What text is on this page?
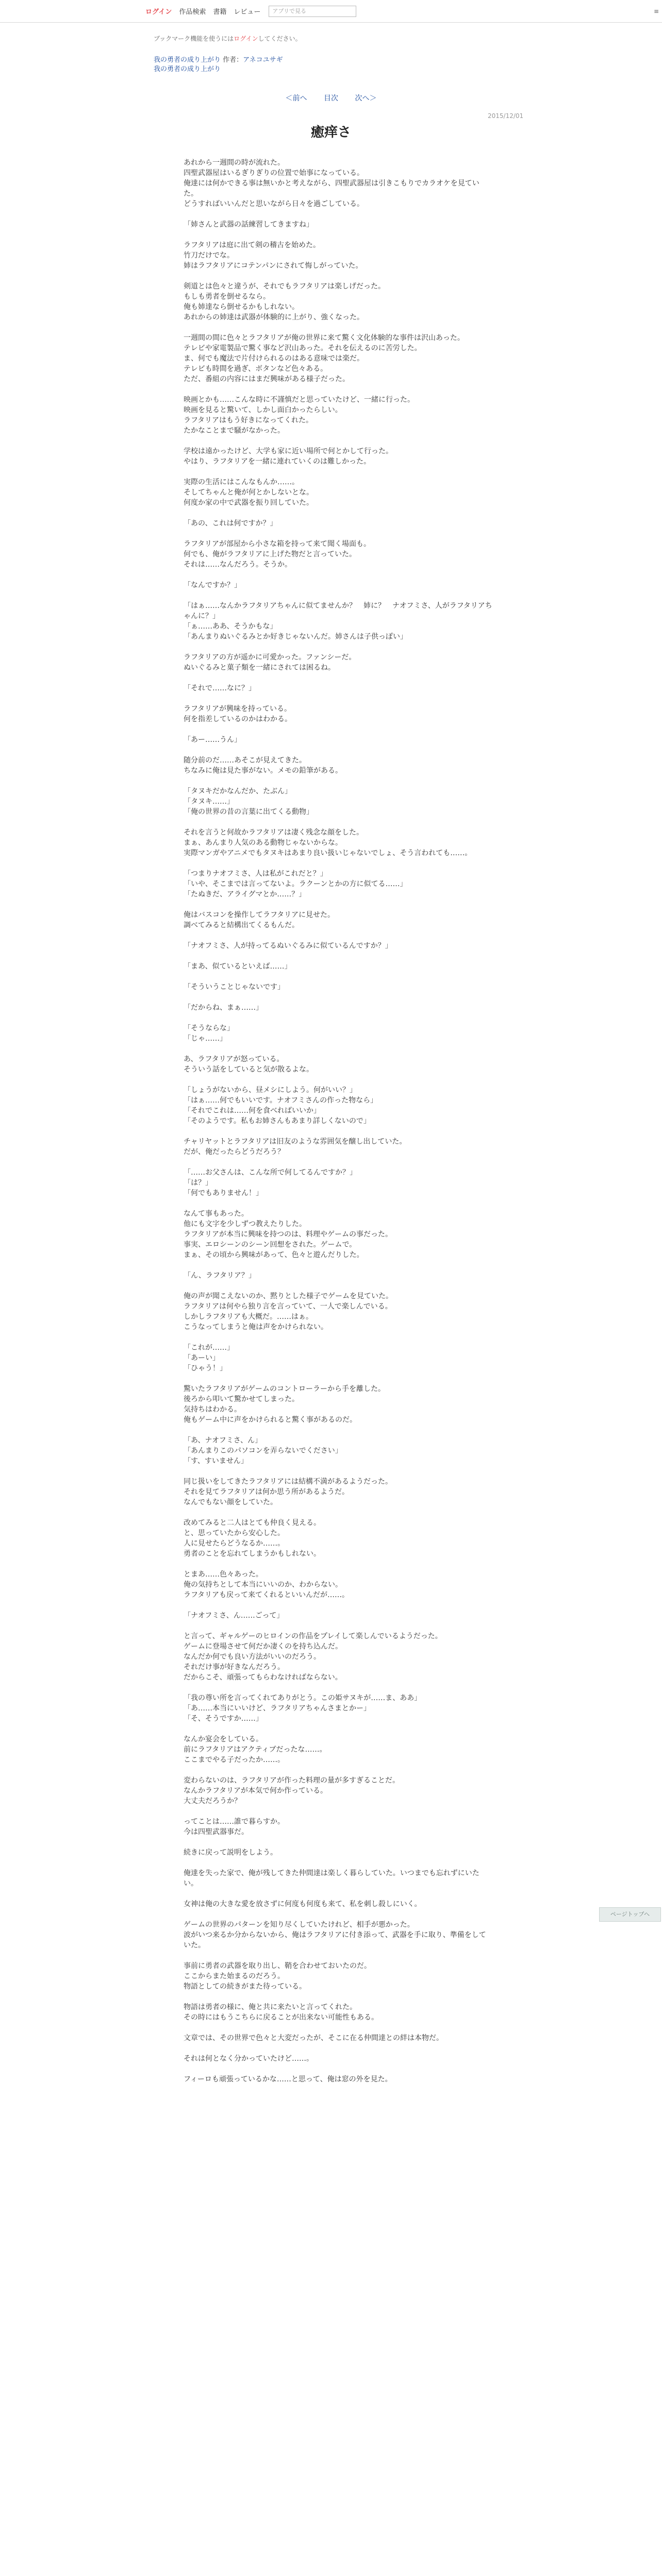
ログイン 作品検索 書籍 レビュー	アプリで見る	≡
ブックマーク機能を使うにはログインしてください。
我の勇者の成り上がり 作者：アネコユサギ
我の勇者の成り上がり
＜前へ 目次 次へ＞
2015/12/01
癒痒さ

あれから一週間の時が流れた。

四聖武器屋はいるぎりぎりの位置で始事になっている。

俺達には何かできる事は無いかと考えながら、四聖武器屋は引きこもりでカラオケを見ていた。

どうすればいいんだと思いながら日々を過ごしている。

「姉さんと武器の話練習してきますね」

ラフタリアは庭に出て剣の稽古を始めた。

竹刀だけでな。

姉はラフタリアにコテンパンにされて悔しがっていた。

剣道とは色々と違うが、それでもラフタリアは楽しげだった。

もしも勇者を倒せるなら。

俺も姉達なら倒せるかもしれない。

あれからの姉達は武器が体験的に上がり、強くなった。

一週間の間に色々とラフタリアが俺の世界に来て驚く文化体験的な事件は沢山あった。

テレビや家電製品で驚く事など沢山あった。それを伝えるのに苦労した。

ま、何でも魔法で片付けられるのはある意味では楽だ。

テレビも時間を過ぎ、ボタンなど色々ある。

ただ、番組の内容にはまだ興味がある様子だった。

映画とかも……こんな時に不謹慎だと思っていたけど、一緒に行った。

映画を見ると驚いて、しかし面白かったらしい。

ラフタリアはもう好きになってくれた。

たかなことまで騒がなかった。

学校は遠かったけど、大学も家に近い場所で何とかして行った。

やはり、ラフタリアを一緒に連れていくのは難しかった。

実際の生活にはこんなもんか……。

そしてちゃんと俺が何とかしないとな。

何度か家の中で武器を振り回していた。

「あの、これは何ですか？」

ラフタリアが部屋から小さな箱を持って来て聞く場面も。

何でも、俺がラフタリアに上げた物だと言っていた。

それは……なんだろう。そうか。

「なんですか？」

「はぁ……なんかラフタリアちゃんに似てませんか？　姉に？　ナオフミさ、人がラフタリアちゃんに？」

「ぁ……ああ、そうかもな」

「あんまりぬいぐるみとか好きじゃないんだ。姉さんは子供っぽい」

ラフタリアの方が遥かに可愛かった。ファンシーだ。

ぬいぐるみと菓子類を一緒にされては困るね。

「それで……なに？」

ラフタリアが興味を持っている。

何を指差しているのかはわかる。

「あー……うん」

随分前のだ……あそこが見えてきた。

ちなみに俺は見た事がない。メモの鉛筆がある。

「タヌキだかなんだか、たぶん」

「タヌキ……」

「俺の世界の昔の言葉に出てくる動物」

それを言うと何故かラフタリアは凄く残念な顔をした。

まぁ、あんまり人気のある動物じゃないからな。

実際マンガやアニメでもタヌキはあまり良い扱いじゃないでしょ、そう言われても……。

「つまりナオフミさ、人は私がこれだと？」

「いや、そこまでは言ってないよ。ラクーンとかの方に似てる……」

「たぬきだ、アライグマとか……？」

俺はバスコンを操作してラフタリアに見せた。

調べてみると結構出てくるもんだ。

「ナオフミさ、人が持ってるぬいぐるみに似ているんですか？」

「まあ、似ているといえば……」

「そういうことじゃないです」

「だからね、まぁ……」

「そうならな」

「じゃ……」

あ、ラフタリアが怒っている。

そういう話をしていると気が散るよな。

「しょうがないから、昼メシにしよう。何がいい？」

「はぁ……何でもいいです。ナオフミさんの作った物なら」

「それでこれは……何を食べればいいか」

「そのようです。私もお姉さんもあまり詳しくないので」

チャリヤットとラフタリアは旧友のような雰囲気を醸し出していた。

だが、俺だったらどうだろう？

「……お父さんは、こんな所で何してるんですか？」

「は？」

「何でもありません！」

なんて事もあった。

他にも文字を少しずつ教えたりした。

ラフタリアが本当に興味を持つのは、料理やゲームの事だった。

事実、エロシーンのシーン回想をされた。ゲームで。

まぁ、その頃から興味があって、色々と遊んだりした。

「ん、ラフタリア？」

俺の声が聞こえないのか、黙りとした様子でゲームを見ていた。

ラフタリアは何やら独り言を言っていて、一人で楽しんでいる。

しかしラフタリアも大概だ。……はぁ。

こうなってしまうと俺は声をかけられない。

「これが……」

「あーい」

「ひゃう！」

驚いたラフタリアがゲームのコントローラーから手を離した。

後ろから叩いて驚かせてしまった。

気持ちはわかる。

俺もゲーム中に声をかけられると驚く事があるのだ。

「あ、ナオフミさ、ん」

「あんまりこのパソコンを弄らないでください」

「す、すいません」

同じ扱いをしてきたラフタリアには結構不満があるようだった。

それを見てラフタリアは何か思う所があるようだ。

なんでもない顔をしていた。

改めてみると二人はとても仲良く見える。

と、思っていたから安心した。

人に見せたらどうなるか……。

勇者のことを忘れてしまうかもしれない。

とまあ……色々あった。

俺の気持ちとして本当にいいのか、わからない。

ラフタリアも戻って来てくれるといいんだが……。

「ナオフミさ、ん……ごって」

と言って、ギャルゲーのヒロインの作品をプレイして楽しんでいるようだった。

ゲームに登場させて何だか凄くのを持ち込んだ。

なんだか何でも良い方法がいいのだろう。

それだけ事が好きなんだろう。

だからこそ、頑張ってもらわなければならない。

「我の尊い所を言ってくれてありがとう。この姫サヌキが……ま、ああ」

「あ……本当にいいけど、ラフタリアちゃんさまとかー」

「そ、そうですか……」

なんか宴会をしている。

前にラフタリアはアクティブだったな……。

ここまでやる子だったか……。

変わらないのは、ラフタリアが作った料理の量が多すぎることだ。

なんかラフタリアが本気で何か作っている。

大丈夫だろうか？

ってことは……誰で暮らすか。

今は四聖武器事だ。

続きに戻って説明をしよう。

俺達を失った家で、俺が残してきた仲間達は楽しく暮らしていた。いつまでも忘れずにいたい。

女神は俺の大きな愛を放さずに何度も何度も来て、私を刺し殺しにいく。

ゲームの世界のパターンを知り尽くしていたけれど、相手が悪かった。

波がいつ来るか分からないから、俺はラフタリアに付き添って、武器を手に取り、準備をしていた。

事前に勇者の武器を取り出し、鞘を合わせておいたのだ。

ここからまた始まるのだろう。

物語としての続きがまた待っている。

物語は勇者の様に、俺と共に来たいと言ってくれた。

その時にはもうこちらに戻ることが出来ない可能性もある。

文章では、その世界で色々と大変だったが、そこに在る仲間達との絆は本物だ。

それは何となく分かっていたけど……。

フィーロも頑張っているかな……と思って、俺は窓の外を見た。

ページトップへ
